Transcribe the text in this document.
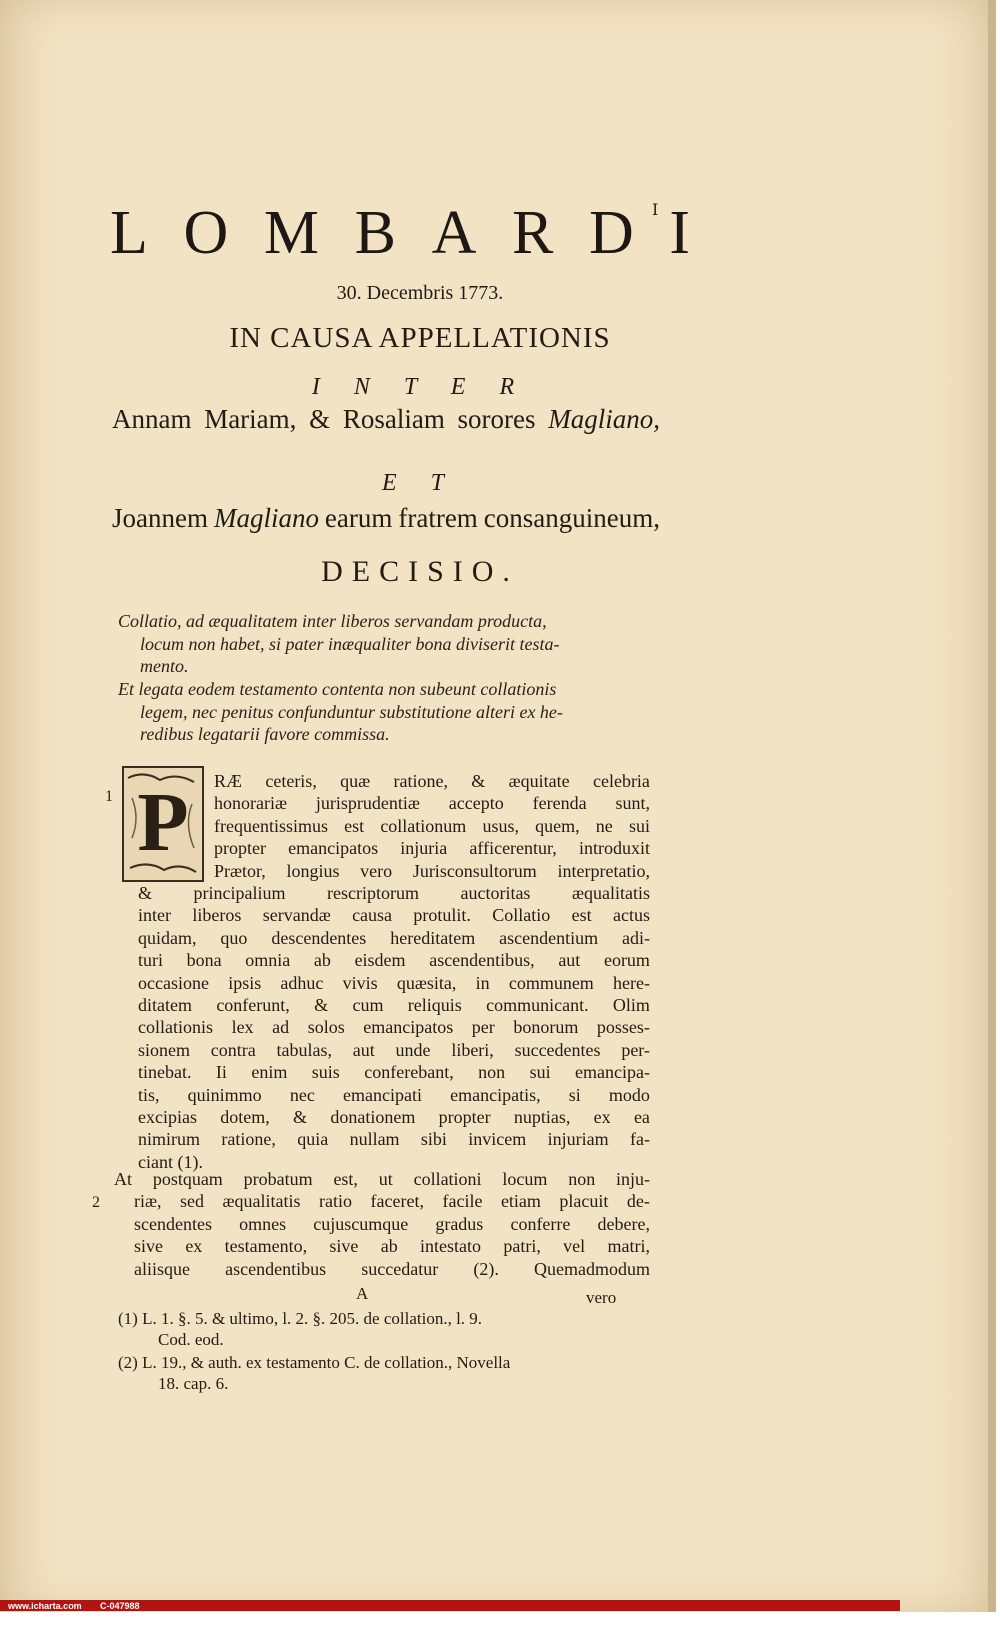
I
L O M B A R D I
30. Decembris 1773.
IN CAUSA APPELLATIONIS
I N T E R
Annam Mariam, & Rosaliam sorores Magliano,
E T
Joannem Magliano earum fratrem consanguineum,
DECISIO.
Collatio, ad æqualitatem inter liberos servandam producta,
locum non habet, si pater inæqualiter bona diviserit testa-
mento.
Et legata eodem testamento contenta non subeunt collationis
legem, nec penitus confunduntur substitutione alteri ex he-
redibus legatarii favore commissa.
1
2
P RÆ ceteris, quæ ratione, & æquitate celebria
honorariæ jurisprudentiæ accepto ferenda sunt,
frequentissimus est collationum usus, quem, ne sui
propter emancipatos injuria afficerentur, introduxit
Prætor, longius vero Jurisconsultorum interpretatio,
& principalium rescriptorum auctoritas æqualitatis
inter liberos servandæ causa protulit. Collatio est actus
quidam, quo descendentes hereditatem ascendentium adi-
turi bona omnia ab eisdem ascendentibus, aut eorum
occasione ipsis adhuc vivis quæsita, in communem here-
ditatem conferunt, & cum reliquis communicant. Olim
collationis lex ad solos emancipatos per bonorum posses-
sionem contra tabulas, aut unde liberi, succedentes per-
tinebat. Ii enim suis conferebant, non sui emancipa-
tis, quinimmo nec emancipati emancipatis, si modo
excipias dotem, & donationem propter nuptias, ex ea
nimirum ratione, quia nullam sibi invicem injuriam fa-
ciant (1).
At postquam probatum est, ut collationi locum non inju-
riæ, sed æqualitatis ratio faceret, facile etiam placuit de-
scendentes omnes cujuscumque gradus conferre debere,
sive ex testamento, sive ab intestato patri, vel matri,
aliisque ascendentibus succedatur (2). Quemadmodum
A	vero
(1) L. 1. §. 5. & ultimo, l. 2. §. 205. de collation., l. 9.
Cod. eod.
(2) L. 19., & auth. ex testamento C. de collation., Novella
18. cap. 6.
www.icharta.com C-047988
